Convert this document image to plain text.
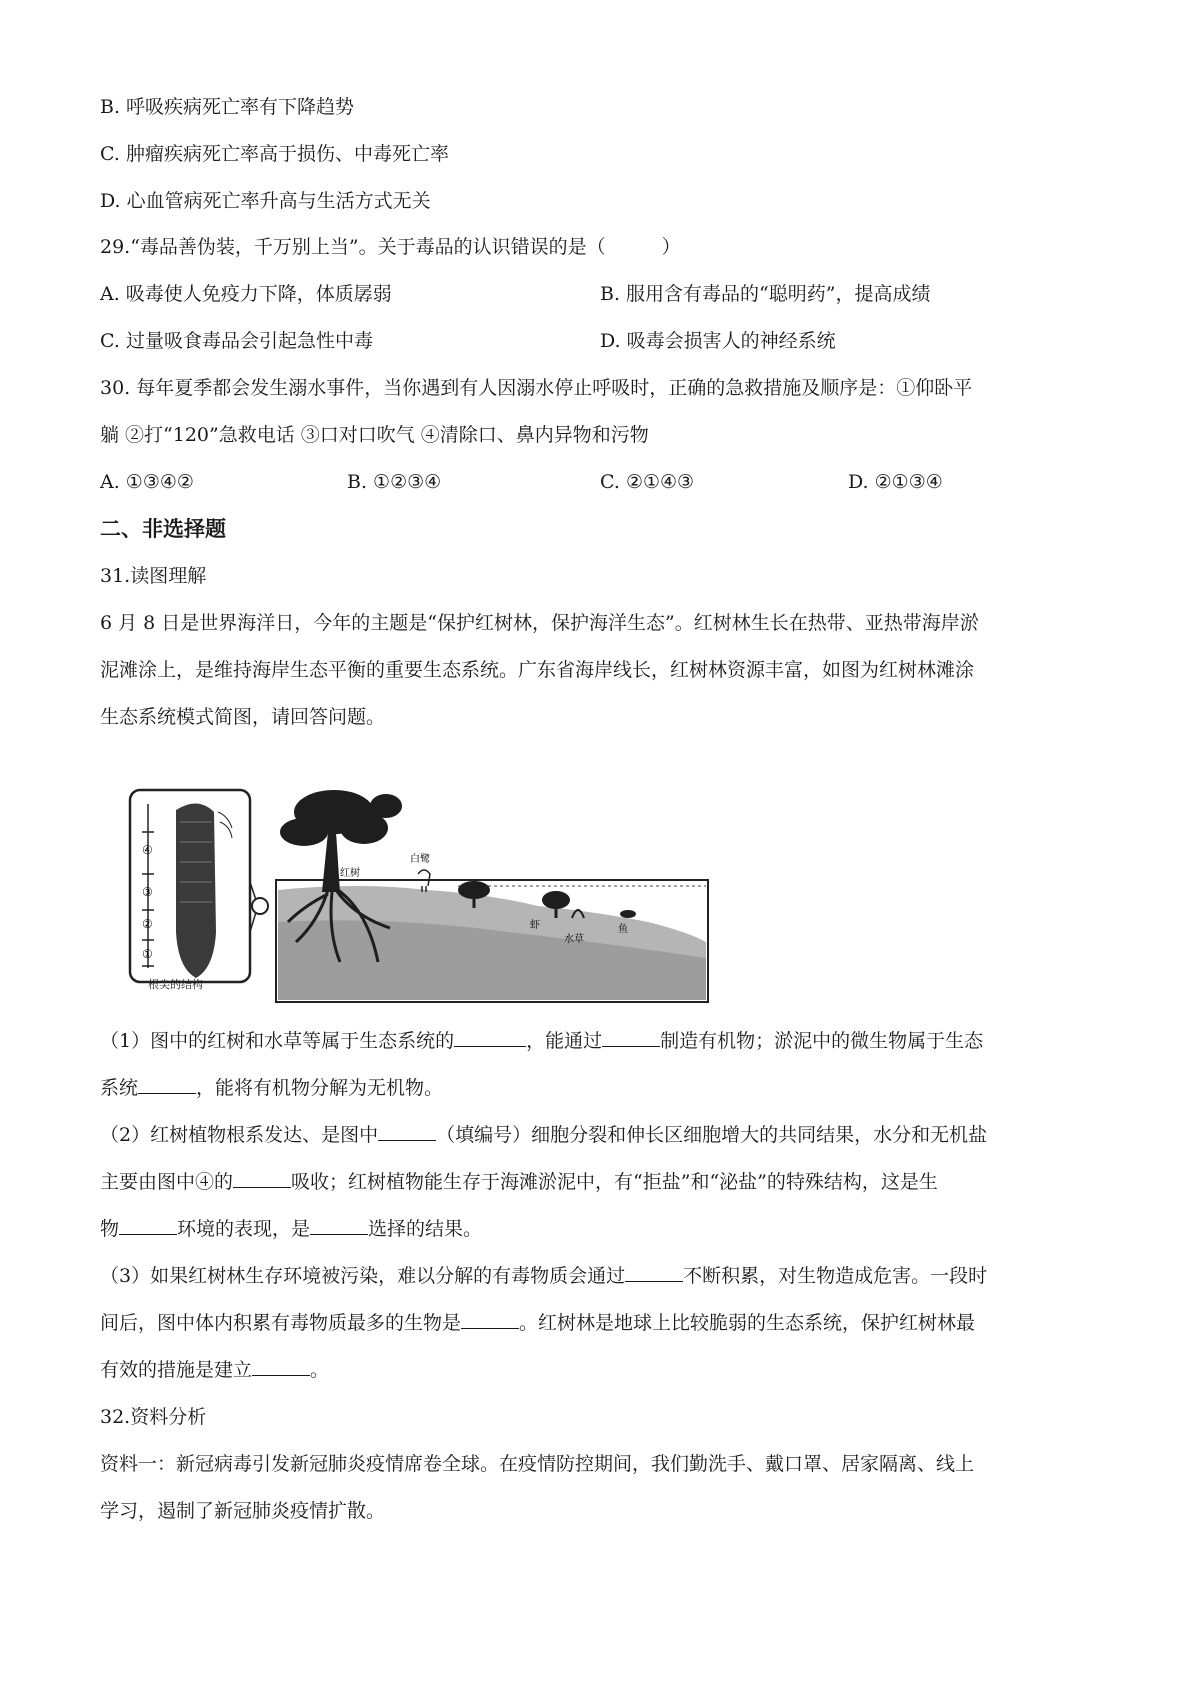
B. 呼吸疾病死亡率有下降趋势
C. 肿瘤疾病死亡率高于损伤、中毒死亡率
D. 心血管病死亡率升高与生活方式无关
29.“毒品善伪装，千万别上当”。关于毒品的认识错误的是（	）
A. 吸毒使人免疫力下降，体质孱弱	B. 服用含有毒品的“聪明药”，提高成绩
C. 过量吸食毒品会引起急性中毒	D. 吸毒会损害人的神经系统
30. 每年夏季都会发生溺水事件，当你遇到有人因溺水停止呼吸时，正确的急救措施及顺序是：①仰卧平
躺 ②打“120”急救电话 ③口对口吹气 ④清除口、鼻内异物和污物
A. ①③④②	B. ①②③④	C. ②①④③	D. ②①③④
二、非选择题
31.读图理解
6 月 8 日是世界海洋日，今年的主题是“保护红树林，保护海洋生态”。红树林生长在热带、亚热带海岸淤
泥滩涂上，是维持海岸生态平衡的重要生态系统。广东省海岸线长，红树林资源丰富，如图为红树林滩涂
生态系统模式简图，请回答问题。
根尖的结构
④
③
②
①
红树
白鹭
虾
水草
鱼
（1）图中的红树和水草等属于生态系统的	，能通过	制造有机物；淤泥中的微生物属于生态
系统	，能将有机物分解为无机物。
（2）红树植物根系发达、是图中	（填编号）细胞分裂和伸长区细胞增大的共同结果，水分和无机盐
主要由图中④的	吸收；红树植物能生存于海滩淤泥中，有“拒盐”和“泌盐”的特殊结构，这是生
物	环境的表现，是	选择的结果。
（3）如果红树林生存环境被污染，难以分解的有毒物质会通过	不断积累，对生物造成危害。一段时
间后，图中体内积累有毒物质最多的生物是	。红树林是地球上比较脆弱的生态系统，保护红树林最
有效的措施是建立	。
32.资料分析
资料一：新冠病毒引发新冠肺炎疫情席卷全球。在疫情防控期间，我们勤洗手、戴口罩、居家隔离、线上
学习，遏制了新冠肺炎疫情扩散。
